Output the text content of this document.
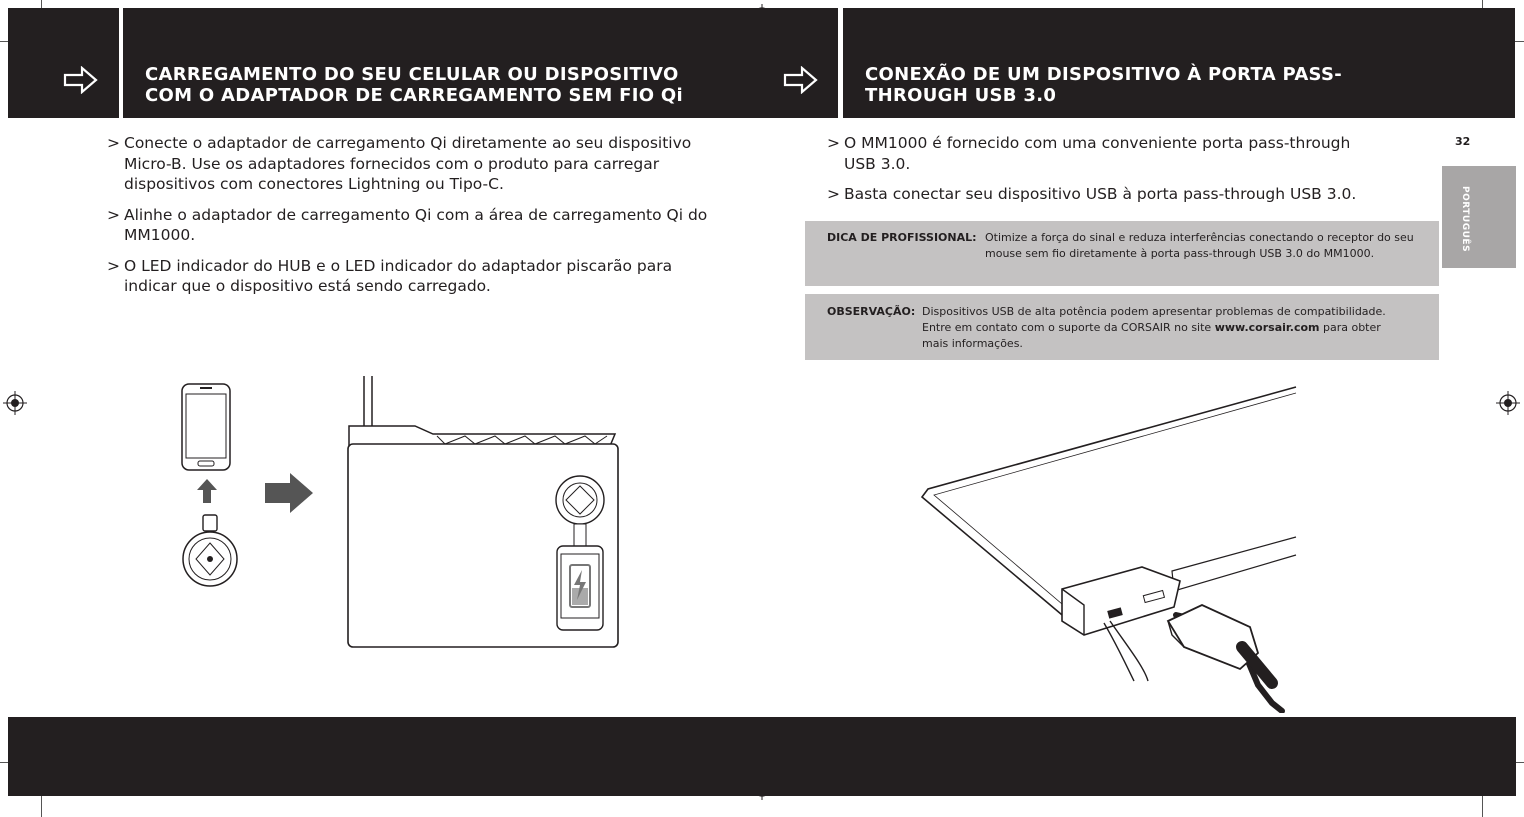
CARREGAMENTO DO SEU CELULAR OU DISPOSITIVO
COM O ADAPTADOR DE CARREGAMENTO SEM FIO Qi
CONEXÃO DE UM DISPOSITIVO À PORTA PASS-
THROUGH USB 3.0
> Conecte o adaptador de carregamento Qi diretamente ao seu dispositivo Micro-B. Use os adaptadores fornecidos com o produto para carregar dispositivos com conectores Lightning ou Tipo-C.
> Alinhe o adaptador de carregamento Qi com a área de carregamento Qi do MM1000.
> O LED indicador do HUB e o LED indicador do adaptador piscarão para indicar que o dispositivo está sendo carregado.
> O MM1000 é fornecido com uma conveniente porta pass-through USB 3.0.
> Basta conectar seu dispositivo USB à porta pass-through USB 3.0.
DICA DE PROFISSIONAL: Otimize a força do sinal e reduza interferências conectando o receptor do seu mouse sem fio diretamente à porta pass-through USB 3.0 do MM1000.
OBSERVAÇÃO: Dispositivos USB de alta potência podem apresentar problemas de compatibilidade. Entre em contato com o suporte da CORSAIR no site www.corsair.com para obter mais informações.
32
PORTUGUÊS
